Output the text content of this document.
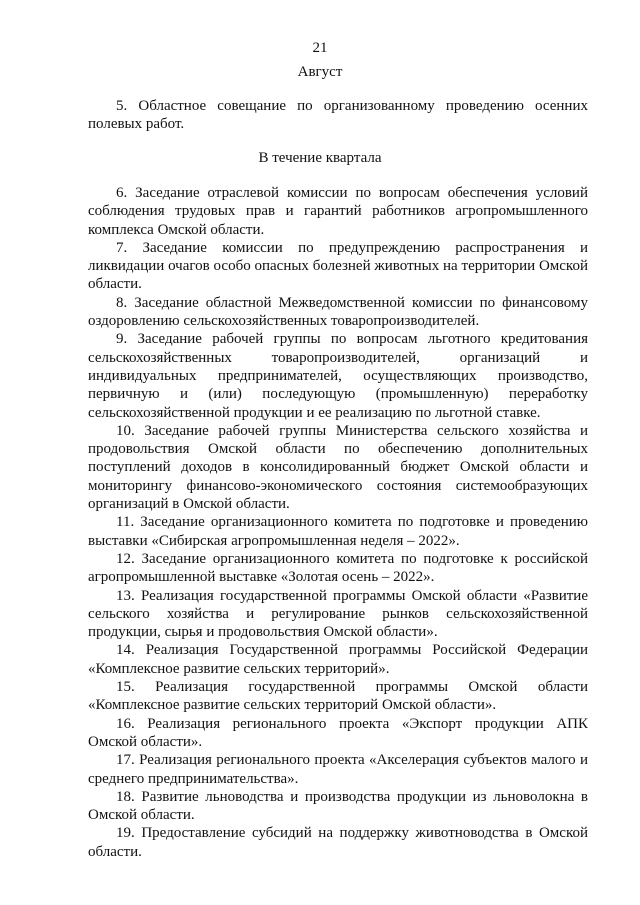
21
Август

5. Областное совещание по организованному проведению осенних полевых работ.

В течение квартала

6. Заседание отраслевой комиссии по вопросам обеспечения условий соблюдения трудовых прав и гарантий работников агропромышленного комплекса Омской области.

7. Заседание комиссии по предупреждению распространения и ликвидации очагов особо опасных болезней животных на территории Омской области.

8. Заседание областной Межведомственной комиссии по финансовому оздоровлению сельскохозяйственных товаропроизводителей.

9. Заседание рабочей группы по вопросам льготного кредитования сельскохозяйственных товаропроизводителей, организаций и индивидуальных предпринимателей, осуществляющих производство, первичную и (или) последующую (промышленную) переработку сельскохозяйственной продукции и ее реализацию по льготной ставке.

10. Заседание рабочей группы Министерства сельского хозяйства и продовольствия Омской области по обеспечению дополнительных поступлений доходов в консолидированный бюджет Омской области и мониторингу финансово-экономического состояния системообразующих организаций в Омской области.

11. Заседание организационного комитета по подготовке и проведению выставки «Сибирская агропромышленная неделя – 2022».

12. Заседание организационного комитета по подготовке к российской агропромышленной выставке «Золотая осень – 2022».

13. Реализация государственной программы Омской области «Развитие сельского хозяйства и регулирование рынков сельскохозяйственной продукции, сырья и продовольствия Омской области».

14. Реализация Государственной программы Российской Федерации «Комплексное развитие сельских территорий».

15. Реализация государственной программы Омской области «Комплексное развитие сельских территорий Омской области».

16. Реализация регионального проекта «Экспорт продукции АПК Омской области».

17. Реализация регионального проекта «Акселерация субъектов малого и среднего предпринимательства».

18. Развитие льноводства и производства продукции из льноволокна в Омской области.

19. Предоставление субсидий на поддержку животноводства в Омской области.
